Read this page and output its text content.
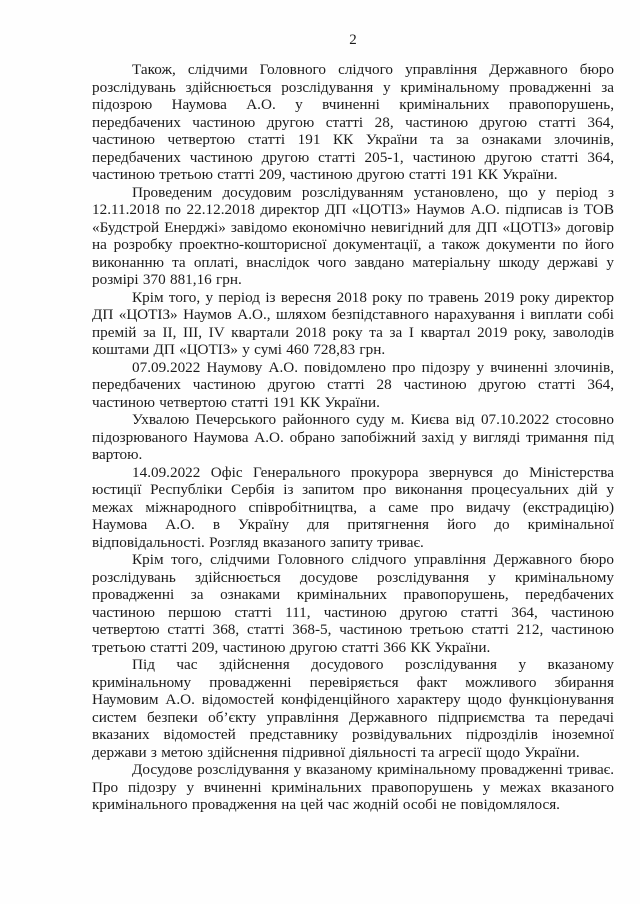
2

Також, слідчими Головного слідчого управління Державного бюро розслідувань здійснюється розслідування у кримінальному провадженні за підозрою Наумова А.О. у вчиненні кримінальних правопорушень, передбачених частиною другою статті 28, частиною другою статті 364, частиною четвертою статті 191 КК України та за ознаками злочинів, передбачених частиною другою статті 205-1, частиною другою статті 364, частиною третьою статті 209, частиною другою статті 191 КК України.

Проведеним досудовим розслідуванням установлено, що у період з 12.11.2018 по 22.12.2018 директор ДП «ЦОТІЗ» Наумов А.О. підписав із ТОВ «Будстрой Енерджі» завідомо економічно невигідний для ДП «ЦОТІЗ» договір на розробку проектно-кошторисної документації, а також документи по його виконанню та оплаті, внаслідок чого завдано матеріальну шкоду державі у розмірі 370 881,16 грн.

Крім того, у період із вересня 2018 року по травень 2019 року директор ДП «ЦОТІЗ» Наумов А.О., шляхом безпідставного нарахування і виплати собі премій за II, III, IV квартали 2018 року та за I квартал 2019 року, заволодів коштами ДП «ЦОТІЗ» у сумі 460 728,83 грн.

07.09.2022 Наумову А.О. повідомлено про підозру у вчиненні злочинів, передбачених частиною другою статті 28 частиною другою статті 364, частиною четвертою статті 191 КК України.

Ухвалою Печерського районного суду м. Києва від 07.10.2022 стосовно підозрюваного Наумова А.О. обрано запобіжний захід у вигляді тримання під вартою.

14.09.2022 Офіс Генерального прокурора звернувся до Міністерства юстиції Республіки Сербія із запитом про виконання процесуальних дій у межах міжнародного співробітництва, а саме про видачу (екстрадицію) Наумова А.О. в Україну для притягнення його до кримінальної відповідальності. Розгляд вказаного запиту триває.

Крім того, слідчими Головного слідчого управління Державного бюро розслідувань здійснюється досудове розслідування у кримінальному провадженні за ознаками кримінальних правопорушень, передбачених частиною першою статті 111, частиною другою статті 364, частиною четвертою статті 368, статті 368-5, частиною третьою статті 212, частиною третьою статті 209, частиною другою статті 366 КК України.

Під час здійснення досудового розслідування у вказаному кримінальному провадженні перевіряється факт можливого збирання Наумовим А.О. відомостей конфіденційного характеру щодо функціонування систем безпеки об’єкту управління Державного підприємства та передачі вказаних відомостей представнику розвідувальних підрозділів іноземної держави з метою здійснення підривної діяльності та агресії щодо України.

Досудове розслідування у вказаному кримінальному провадженні триває. Про підозру у вчиненні кримінальних правопорушень у межах вказаного кримінального провадження на цей час жодній особі не повідомлялося.
